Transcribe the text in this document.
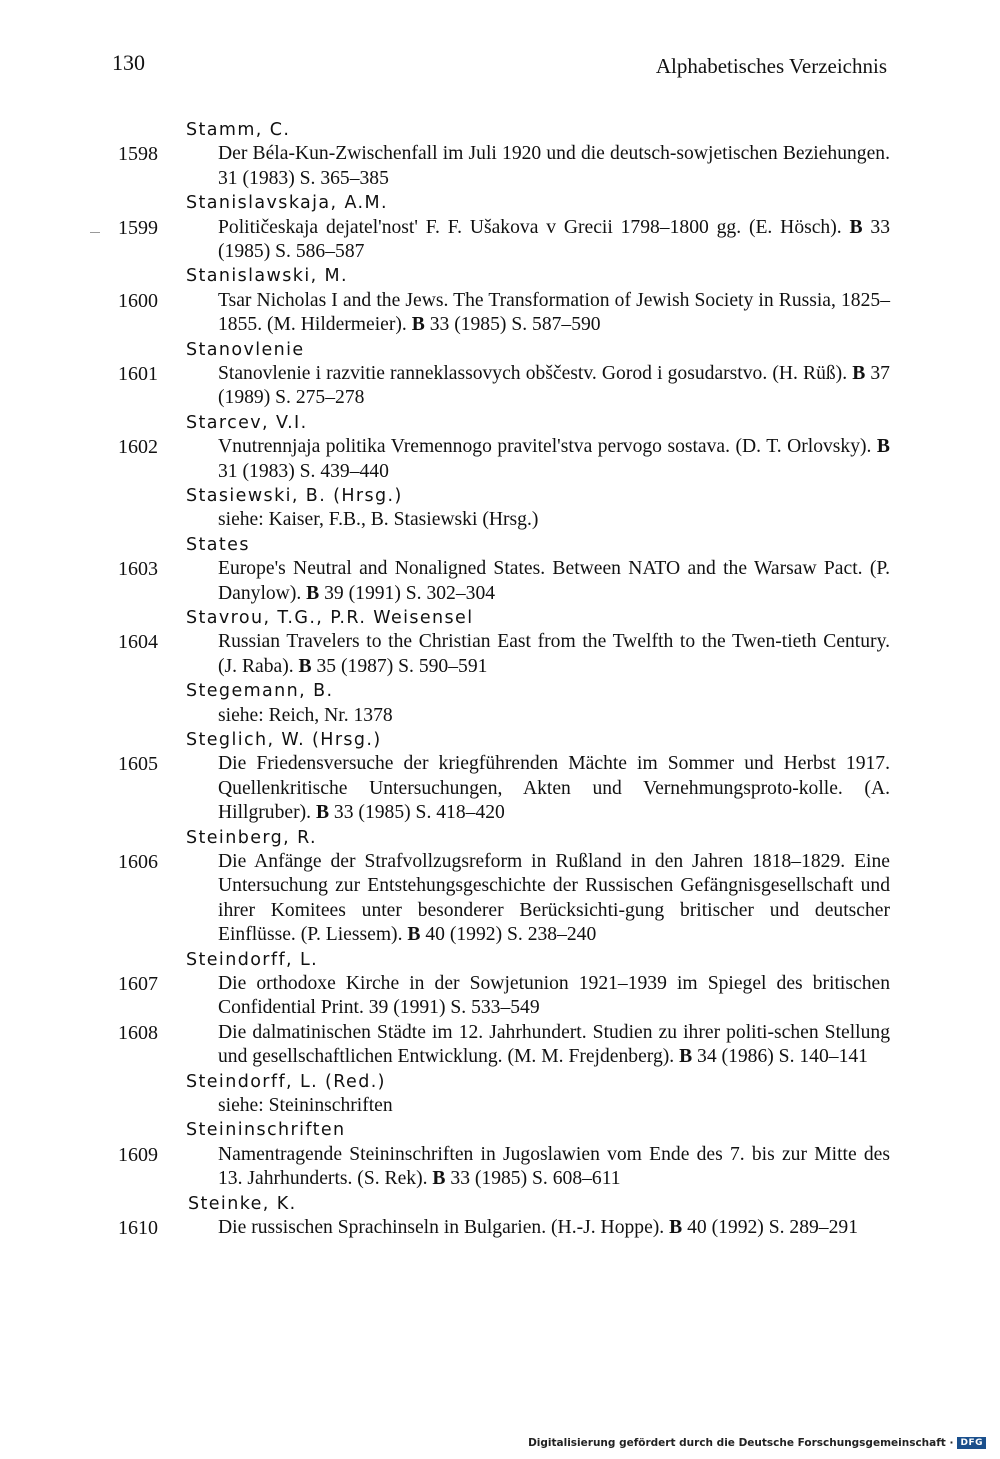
130	Alphabetisches Verzeichnis
Stamm, C.
1598	Der Béla-Kun-Zwischenfall im Juli 1920 und die deutsch-sowjetischen Beziehungen. 31 (1983) S. 365–385
Stanislavskaja, A.M.
1599	Političeskaja dejatel'nost' F. F. Ušakova v Grecii 1798–1800 gg. (E. Hösch). B 33 (1985) S. 586–587
Stanislawski, M.
1600	Tsar Nicholas I and the Jews. The Transformation of Jewish Society in Russia, 1825–1855. (M. Hildermeier). B 33 (1985) S. 587–590
Stanovlenie
1601	Stanovlenie i razvitie ranneklassovych obščestv. Gorod i gosudarstvo. (H. Rüß). B 37 (1989) S. 275–278
Starcev, V.I.
1602	Vnutrennjaja politika Vremennogo pravitel'stva pervogo sostava. (D. T. Orlovsky). B 31 (1983) S. 439–440
Stasiewski, B. (Hrsg.)
siehe: Kaiser, F.B., B. Stasiewski (Hrsg.)
States
1603	Europe's Neutral and Nonaligned States. Between NATO and the Warsaw Pact. (P. Danylow). B 39 (1991) S. 302–304
Stavrou, T.G., P.R. Weisensel
1604	Russian Travelers to the Christian East from the Twelfth to the Twen-tieth Century. (J. Raba). B 35 (1987) S. 590–591
Stegemann, B.
siehe: Reich, Nr. 1378
Steglich, W. (Hrsg.)
1605	Die Friedensversuche der kriegführenden Mächte im Sommer und Herbst 1917. Quellenkritische Untersuchungen, Akten und Vernehmungsproto-kolle. (A. Hillgruber). B 33 (1985) S. 418–420
Steinberg, R.
1606	Die Anfänge der Strafvollzugsreform in Rußland in den Jahren 1818–1829. Eine Untersuchung zur Entstehungsgeschichte der Russischen Gefängnisgesellschaft und ihrer Komitees unter besonderer Berücksichti-gung britischer und deutscher Einflüsse. (P. Liessem). B 40 (1992) S. 238–240
Steindorff, L.
1607	Die orthodoxe Kirche in der Sowjetunion 1921–1939 im Spiegel des britischen Confidential Print. 39 (1991) S. 533–549
1608	Die dalmatinischen Städte im 12. Jahrhundert. Studien zu ihrer politi-schen Stellung und gesellschaftlichen Entwicklung. (M. M. Frejdenberg). B 34 (1986) S. 140–141
Steindorff, L. (Red.)
siehe: Steininschriften
Steininschriften
1609	Namentragende Steininschriften in Jugoslawien vom Ende des 7. bis zur Mitte des 13. Jahrhunderts. (S. Rek). B 33 (1985) S. 608–611
Steinke, K.
1610	Die russischen Sprachinseln in Bulgarien. (H.-J. Hoppe). B 40 (1992) S. 289–291
Digitalisierung gefördert durch die Deutsche Forschungsgemeinschaft · DFG
